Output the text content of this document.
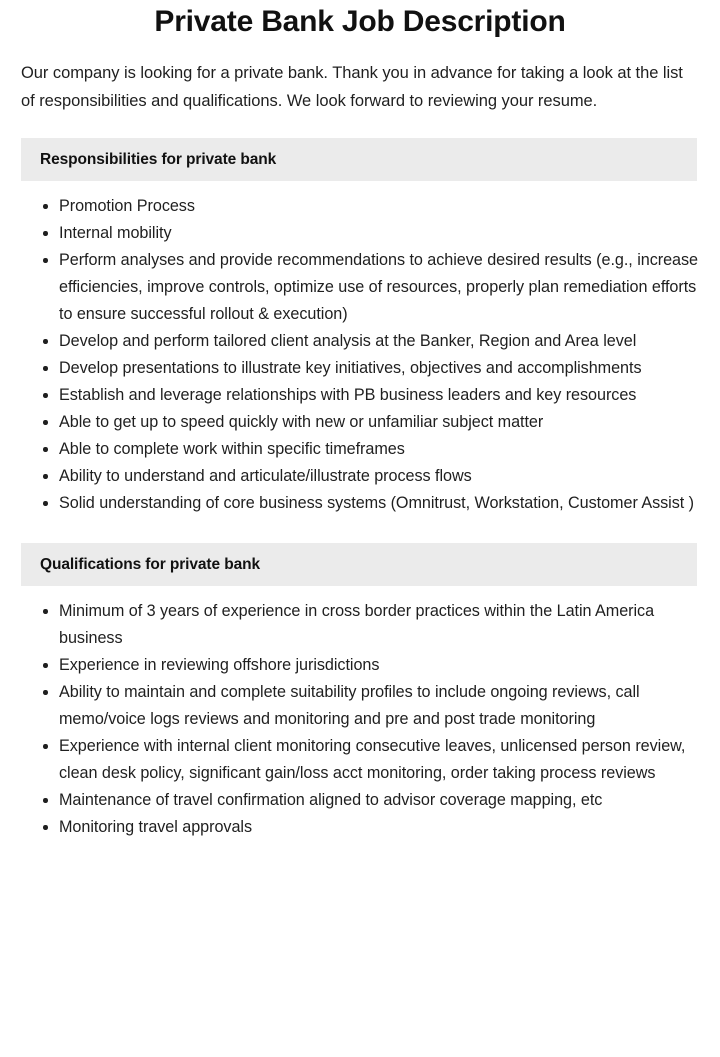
Private Bank Job Description

Our company is looking for a private bank. Thank you in advance for taking a look at the list of responsibilities and qualifications. We look forward to reviewing your resume.

Responsibilities for private bank
Promotion Process
Internal mobility
Perform analyses and provide recommendations to achieve desired results (e.g., increase efficiencies, improve controls, optimize use of resources, properly plan remediation efforts to ensure successful rollout & execution)
Develop and perform tailored client analysis at the Banker, Region and Area level
Develop presentations to illustrate key initiatives, objectives and accomplishments
Establish and leverage relationships with PB business leaders and key resources
Able to get up to speed quickly with new or unfamiliar subject matter
Able to complete work within specific timeframes
Ability to understand and articulate/illustrate process flows
Solid understanding of core business systems (Omnitrust, Workstation, Customer Assist )
Qualifications for private bank
Minimum of 3 years of experience in cross border practices within the Latin America business
Experience in reviewing offshore jurisdictions
Ability to maintain and complete suitability profiles to include ongoing reviews, call memo/voice logs reviews and monitoring and pre and post trade monitoring
Experience with internal client monitoring consecutive leaves, unlicensed person review, clean desk policy, significant gain/loss acct monitoring, order taking process reviews
Maintenance of travel confirmation aligned to advisor coverage mapping, etc
Monitoring travel approvals
